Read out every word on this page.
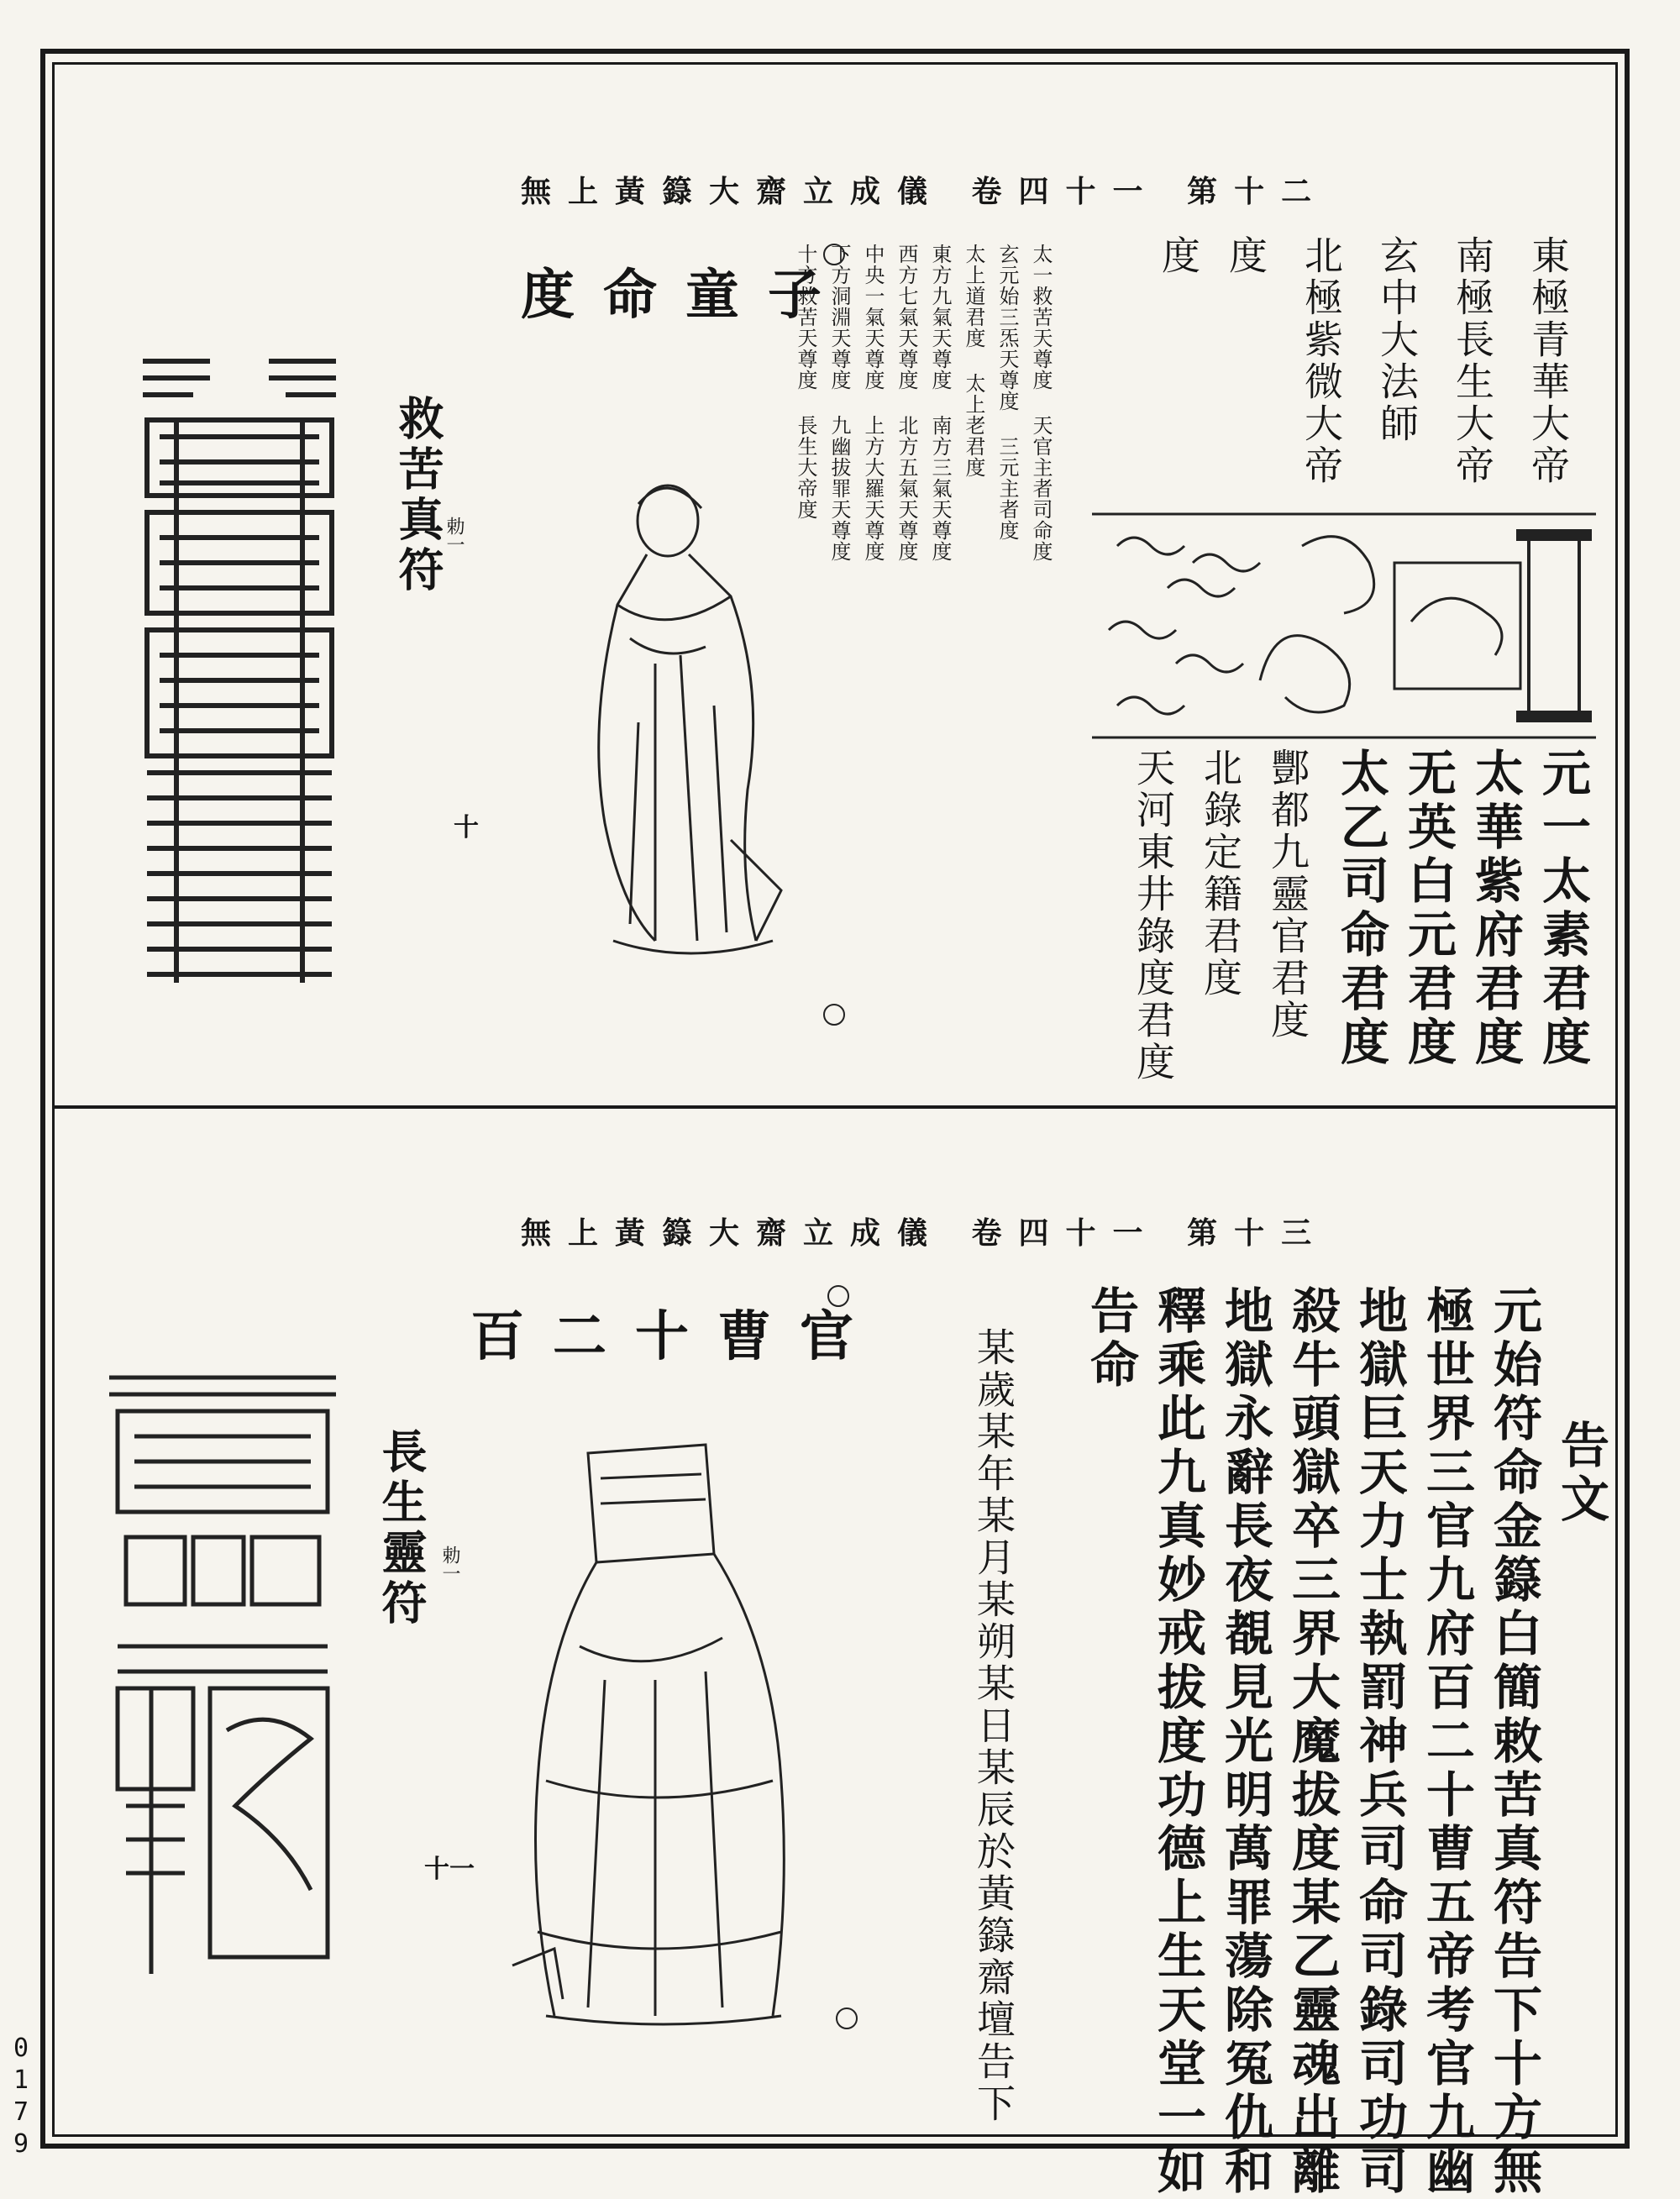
無上黃籙大齋立成儀 卷四十一 第十二
東極青華大帝
南極長生大帝
玄中大法師
北極紫微大帝
度
度
元一太素君度
太華紫府君度
无英白元君度
太乙司命君度
酆都九靈官君度
北錄定籍君度
天河東井錄度君度
太一救苦天尊度 天官主者司命度
玄元始三炁天尊度 三元主者度
太上道君度 太上老君度
東方九氣天尊度 南方三氣天尊度
西方七氣天尊度 北方五氣天尊度
中央一氣天尊度 上方大羅天尊度
下方洞淵天尊度 九幽拔罪天尊度
十方救苦天尊度 長生大帝度
度命童子
救苦真符
勅一
十
無上黃籙大齋立成儀 卷四十一 第十三
告文
元始符命金籙白簡敕苦真符告下十方無
極世界三官九府百二十曹五帝考官九幽
地獄巨天力士執罰神兵司命司錄司功司
殺牛頭獄卒三界大魔拔度某乙靈魂出離
地獄永辭長夜覩見光明萬罪蕩除冤仇和
釋乘此九真妙戒拔度功德上生天堂一如
告命
某歲某年某月某朔某日某辰於黃籙齋壇告下
百二十曹官
長生靈符 勅一
十一
0
1
7
9
